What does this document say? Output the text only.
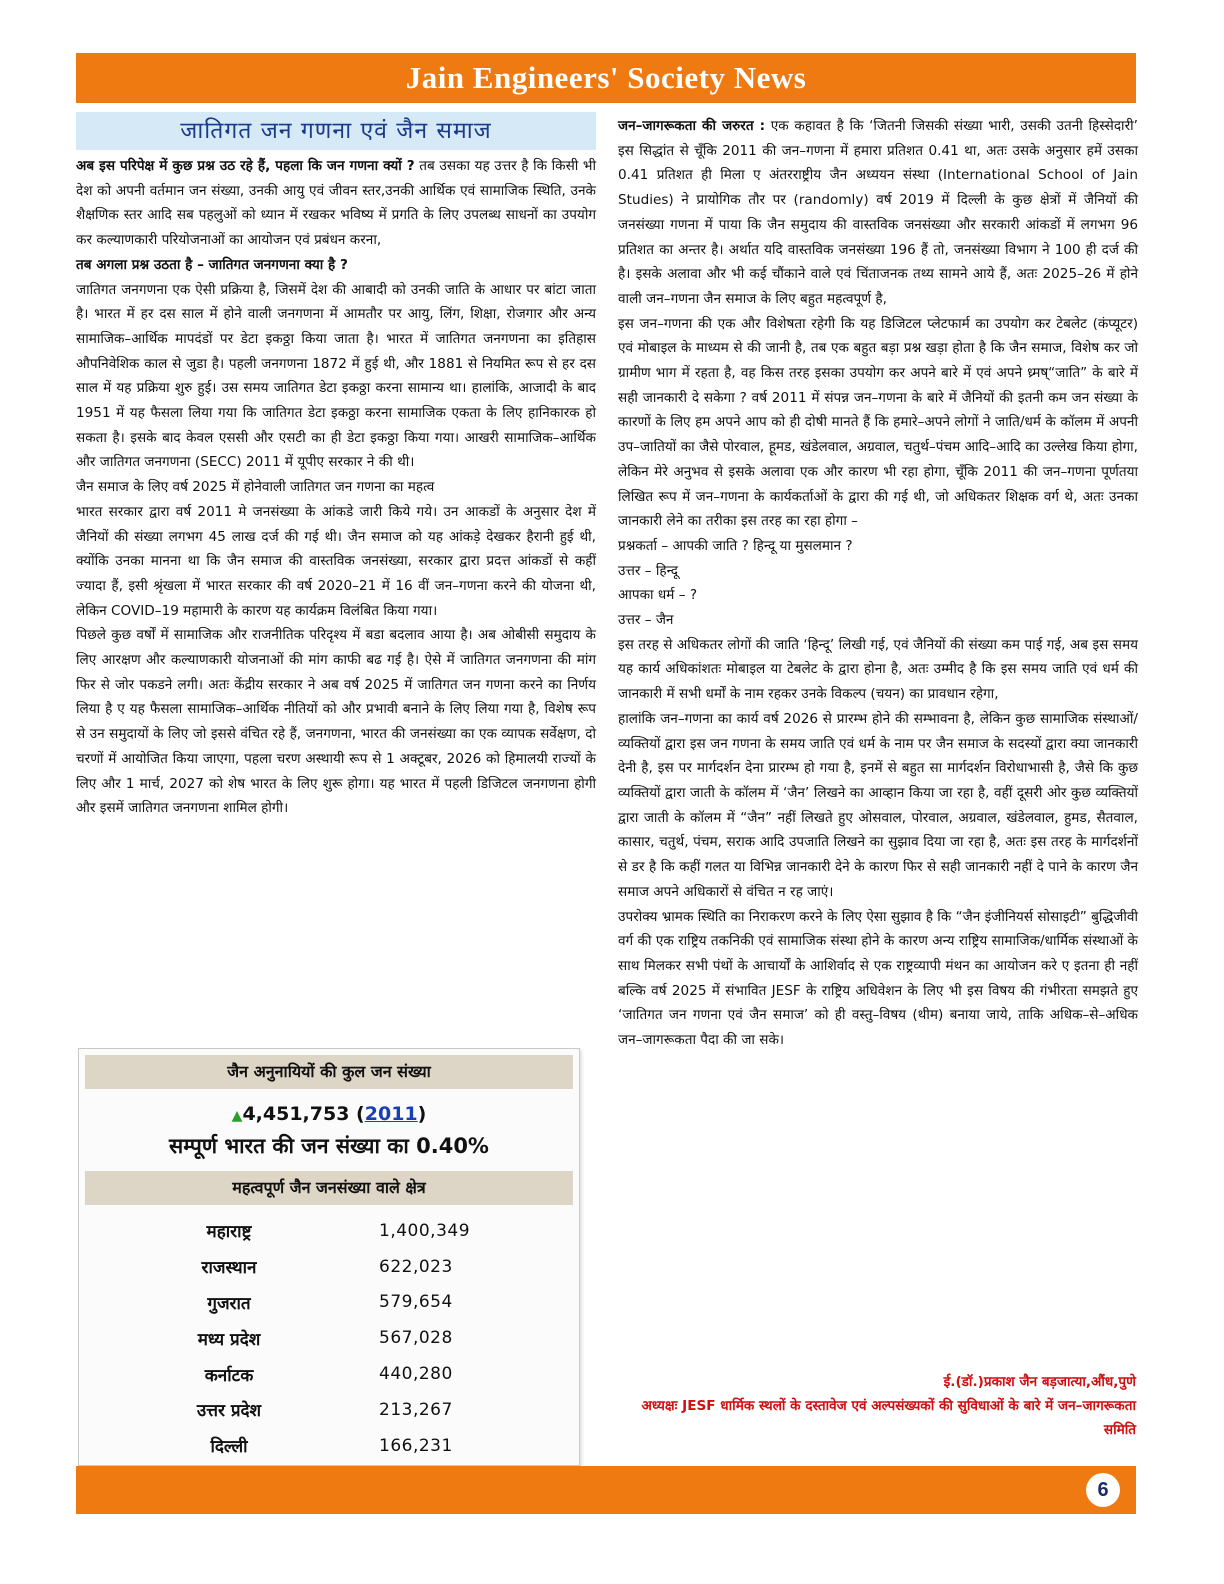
Jain Engineers' Society News
जातिगत जन गणना एवं जैन समाज

अब इस परिपेक्ष में कुछ प्रश्न उठ रहे हैं, पहला कि जन गणना क्यों ? तब उसका यह उत्तर है कि किसी भी देश को अपनी वर्तमान जन संख्या, उनकी आयु एवं जीवन स्तर,उनकी आर्थिक एवं सामाजिक स्थिति, उनके शैक्षणिक स्तर आदि सब पहलुओं को ध्यान में रखकर भविष्य में प्रगति के लिए उपलब्ध साधनों का उपयोग कर कल्याणकारी परियोजनाओं का आयोजन एवं प्रबंधन करना,

तब अगला प्रश्न उठता है – जातिगत जनगणना क्या है ?

जातिगत जनगणना एक ऐसी प्रक्रिया है, जिसमें देश की आबादी को उनकी जाति के आधार पर बांटा जाता है। भारत में हर दस साल में होने वाली जनगणना में आमतौर पर आयु, लिंग, शिक्षा, रोजगार और अन्य सामाजिक–आर्थिक मापदंडों पर डेटा इकठ्ठा किया जाता है। भारत में जातिगत जनगणना का इतिहास औपनिवेशिक काल से जुडा है। पहली जनगणना 1872 में हुई थी, और 1881 से नियमित रूप से हर दस साल में यह प्रक्रिया शुरु हुई। उस समय जातिगत डेटा इकठ्ठा करना सामान्य था। हालांकि, आजादी के बाद 1951 में यह फैसला लिया गया कि जातिगत डेटा इकठ्ठा करना सामाजिक एकता के लिए हानिकारक हो सकता है। इसके बाद केवल एससी और एसटी का ही डेटा इकठ्ठा किया गया। आखरी सामाजिक–आर्थिक और जातिगत जनगणना (SECC) 2011 में यूपीए सरकार ने की थी।

जैन समाज के लिए वर्ष 2025 में होनेवाली जातिगत जन गणना का महत्व

भारत सरकार द्वारा वर्ष 2011 मे जनसंख्या के आंकडे जारी किये गये। उन आकडों के अनुसार देश में जैनियों की संख्या लगभग 45 लाख दर्ज की गई थी। जैन समाज को यह आंकड़े देखकर हैरानी हुई थी, क्योंकि उनका मानना था कि जैन समाज की वास्तविक जनसंख्या, सरकार द्वारा प्रदत्त आंकडों से कहीं ज्यादा हैं, इसी श्रृंखला में भारत सरकार की वर्ष 2020–21 में 16 वीं जन–गणना करने की योजना थी, लेकिन COVID–19 महामारी के कारण यह कार्यक्रम विलंबित किया गया।

पिछले कुछ वर्षों में सामाजिक और राजनीतिक परिदृश्य में बडा बदलाव आया है। अब ओबीसी समुदाय के लिए आरक्षण और कल्याणकारी योजनाओं की मांग काफी बढ गई है। ऐसे में जातिगत जनगणना की मांग फिर से जोर पकडने लगी। अतः केंद्रीय सरकार ने अब वर्ष 2025 में जातिगत जन गणना करने का निर्णय लिया है ए यह फैसला सामाजिक–आर्थिक नीतियों को और प्रभावी बनाने के लिए लिया गया है, विशेष रूप से उन समुदायों के लिए जो इससे वंचित रहे हैं, जनगणना, भारत की जनसंख्या का एक व्यापक सर्वेक्षण, दो चरणों में आयोजित किया जाएगा, पहला चरण अस्थायी रूप से 1 अक्टूबर, 2026 को हिमालयी राज्यों के लिए और 1 मार्च, 2027 को शेष भारत के लिए शुरू होगा। यह भारत में पहली डिजिटल जनगणना होगी और इसमें जातिगत जनगणना शामिल होगी।

जैन अनुनायियों की कुल जन संख्या
▲4,451,753 (2011)
सम्पूर्ण भारत की जन संख्या का 0.40%
महत्वपूर्ण जैन जनसंख्या वाले क्षेत्र
महाराष्ट्र	1,400,349
राजस्थान	622,023
गुजरात	579,654
मध्य प्रदेश	567,028
कर्नाटक	440,280
उत्तर प्रदेश	213,267
दिल्ली	166,231

जन–जागरूकता की जरुरत : एक कहावत है कि ‘जितनी जिसकी संख्या भारी, उसकी उतनी हिस्सेदारी’ इस सिद्धांत से चूँकि 2011 की जन–गणना में हमारा प्रतिशत 0.41 था, अतः उसके अनुसार हमें उसका 0.41 प्रतिशत ही मिला ए अंतरराष्ट्रीय जैन अध्ययन संस्था (International School of Jain Studies) ने प्रायोगिक तौर पर (randomly) वर्ष 2019 में दिल्ली के कुछ क्षेत्रों में जैनियों की जनसंख्या गणना में पाया कि जैन समुदाय की वास्तविक जनसंख्या और सरकारी आंकडों में लगभग 96 प्रतिशत का अन्तर है। अर्थात यदि वास्तविक जनसंख्या 196 हैं तो, जनसंख्या विभाग ने 100 ही दर्ज की है। इसके अलावा और भी कई चौंकाने वाले एवं चिंताजनक तथ्य सामने आये हैं, अतः 2025–26 में होने वाली जन–गणना जैन समाज के लिए बहुत महत्वपूर्ण है,

इस जन–गणना की एक और विशेषता रहेगी कि यह डिजिटल प्लेटफार्म का उपयोग कर टेबलेट (कंप्यूटर) एवं मोबाइल के माध्यम से की जानी है, तब एक बहुत बड़ा प्रश्न खड़ा होता है कि जैन समाज, विशेष कर जो ग्रामीण भाग में रहता है, वह किस तरह इसका उपयोग कर अपने बारे में एवं अपने ध्र्मष्“जाति” के बारे में सही जानकारी दे सकेगा ? वर्ष 2011 में संपन्न जन–गणना के बारे में जैनियों की इतनी कम जन संख्या के कारणों के लिए हम अपने आप को ही दोषी मानते हैं कि हमारे–अपने लोगों ने जाति/धर्म के कॉलम में अपनी उप–जातियों का जैसे पोरवाल, हूमड, खंडेलवाल, अग्रवाल, चतुर्थ–पंचम आदि–आदि का उल्लेख किया होगा, लेकिन मेरे अनुभव से इसके अलावा एक और कारण भी रहा होगा, चूँकि 2011 की जन–गणना पूर्णतया लिखित रूप में जन–गणना के कार्यकर्ताओं के द्वारा की गई थी, जो अधिकतर शिक्षक वर्ग थे, अतः उनका जानकारी लेने का तरीका इस तरह का रहा होगा –

प्रश्नकर्ता – आपकी जाति ? हिन्दू या मुसलमान ?

उत्तर – हिन्दू

आपका धर्म – ?

उत्तर – जैन

इस तरह से अधिकतर लोगों की जाति ‘हिन्दू’ लिखी गई, एवं जैनियों की संख्या कम पाई गई, अब इस समय यह कार्य अधिकांशतः मोबाइल या टेबलेट के द्वारा होना है, अतः उम्मीद है कि इस समय जाति एवं धर्म की जानकारी में सभी धर्मों के नाम रहकर उनके विकल्प (चयन) का प्रावधान रहेगा,

हालांकि जन–गणना का कार्य वर्ष 2026 से प्रारम्भ होने की सम्भावना है, लेकिन कुछ सामाजिक संस्थाओं/व्यक्तियों द्वारा इस जन गणना के समय जाति एवं धर्म के नाम पर जैन समाज के सदस्यों द्वारा क्या जानकारी देनी है, इस पर मार्गदर्शन देना प्रारम्भ हो गया है, इनमें से बहुत सा मार्गदर्शन विरोधाभासी है, जैसे कि कुछ व्यक्तियों द्वारा जाती के कॉलम में ‘जैन’ लिखने का आव्हान किया जा रहा है, वहीं दूसरी ओर कुछ व्यक्तियों द्वारा जाती के कॉलम में “जैन” नहीं लिखते हुए ओसवाल, पोरवाल, अग्रवाल, खंडेलवाल, हुमड, सैतवाल, कासार, चतुर्थ, पंचम, सराक आदि उपजाति लिखने का सुझाव दिया जा रहा है, अतः इस तरह के मार्गदर्शनों से डर है कि कहीं गलत या विभिन्न जानकारी देने के कारण फिर से सही जानकारी नहीं दे पाने के कारण जैन समाज अपने अधिकारों से वंचित न रह जाएं।

उपरोक्य भ्रामक स्थिति का निराकरण करने के लिए ऐसा सुझाव है कि “जैन इंजीनियर्स सोसाइटी” बुद्धिजीवी वर्ग की एक राष्ट्रिय तकनिकी एवं सामाजिक संस्था होने के कारण अन्य राष्ट्रिय सामाजिक/धार्मिक संस्थाओं के साथ मिलकर सभी पंथों के आचार्यों के आशिर्वाद से एक राष्ट्रव्यापी मंथन का आयोजन करे ए इतना ही नहीं बल्कि वर्ष 2025 में संभावित JESF के राष्ट्रिय अधिवेशन के लिए भी इस विषय की गंभीरता समझते हुए ‘जातिगत जन गणना एवं जैन समाज’ को ही वस्तु–विषय (थीम) बनाया जाये, ताकि अधिक–से–अधिक जन–जागरूकता पैदा की जा सके।

ई.(डॉ.)प्रकाश जैन बड़जात्या,औंध,पुणे
अध्यक्षः JESF धार्मिक स्थलों के दस्तावेज एवं अल्पसंख्यकों की सुविधाओं के बारे में जन–जागरूकता समिति
6
